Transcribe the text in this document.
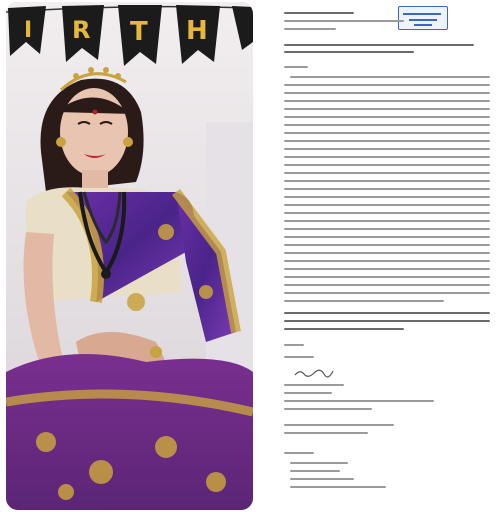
I R T H
